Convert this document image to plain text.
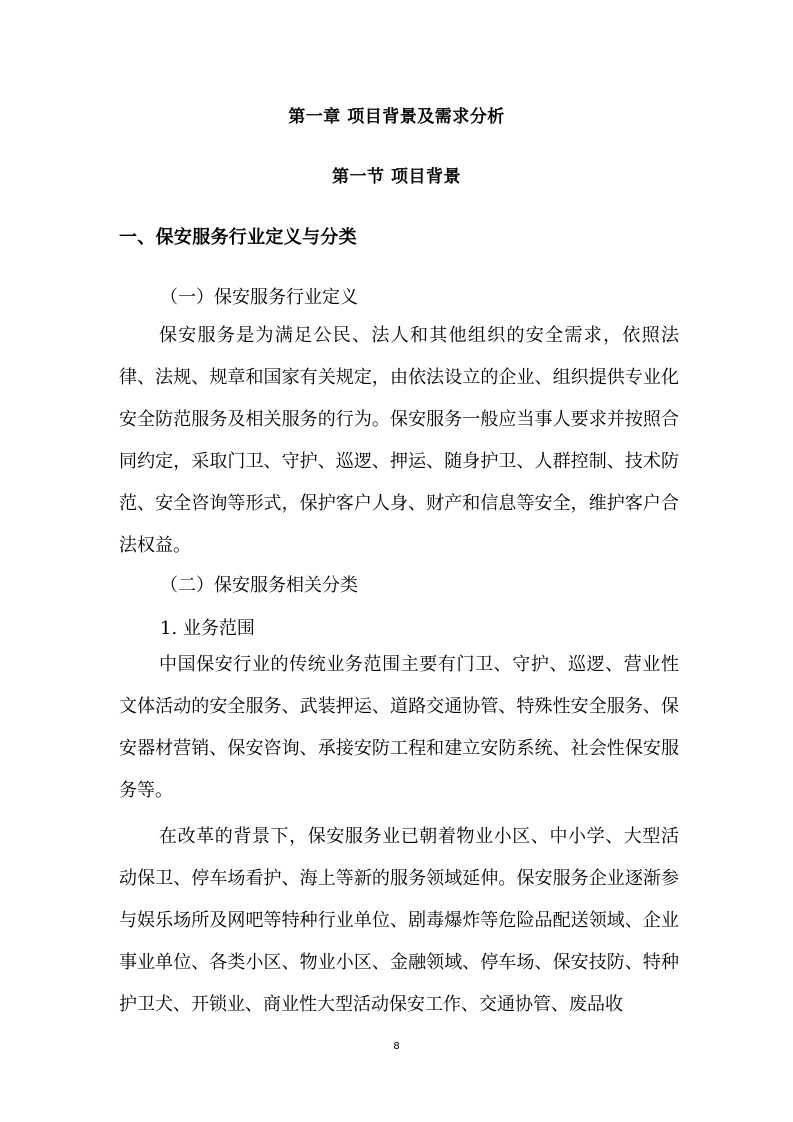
第一章 项目背景及需求分析
第一节 项目背景
一、保安服务行业定义与分类

（一）保安服务行业定义

保安服务是为满足公民、法人和其他组织的安全需求，依照法律、法规、规章和国家有关规定，由依法设立的企业、组织提供专业化安全防范服务及相关服务的行为。保安服务一般应当事人要求并按照合同约定，采取门卫、守护、巡逻、押运、随身护卫、人群控制、技术防范、安全咨询等形式，保护客户人身、财产和信息等安全，维护客户合法权益。

（二）保安服务相关分类

1. 业务范围

中国保安行业的传统业务范围主要有门卫、守护、巡逻、营业性文体活动的安全服务、武装押运、道路交通协管、特殊性安全服务、保安器材营销、保安咨询、承接安防工程和建立安防系统、社会性保安服务等。

在改革的背景下，保安服务业已朝着物业小区、中小学、大型活动保卫、停车场看护、海上等新的服务领域延伸。保安服务企业逐渐参与娱乐场所及网吧等特种行业单位、剧毒爆炸等危险品配送领域、企业事业单位、各类小区、物业小区、金融领域、停车场、保安技防、特种护卫犬、开锁业、商业性大型活动保安工作、交通协管、废品收

8
